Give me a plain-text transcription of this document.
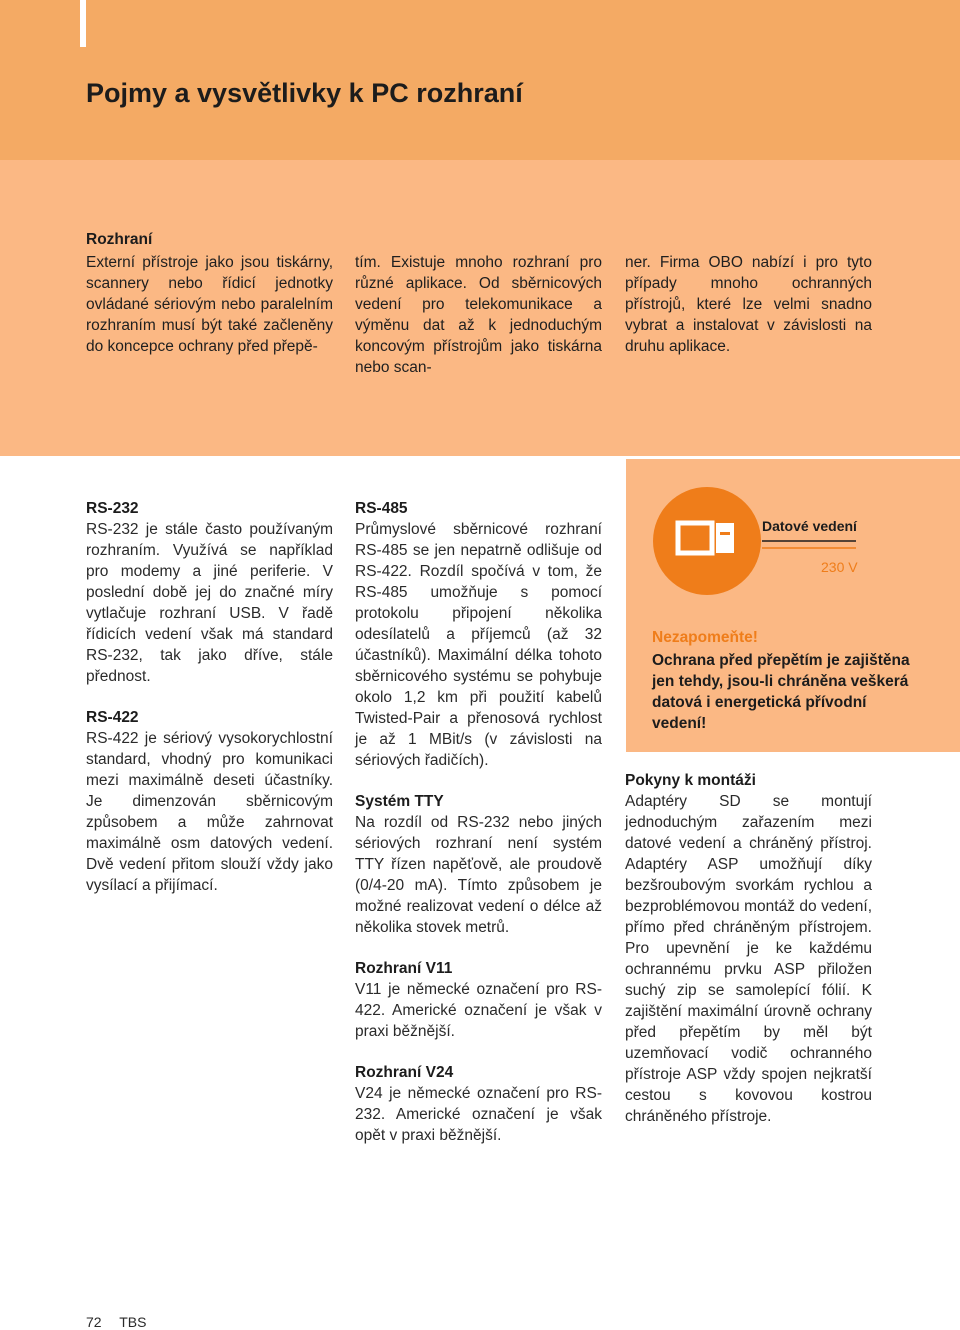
Pojmy a vysvětlivky k PC rozhraní
Rozhraní
Externí přístroje jako jsou tiskárny, scannery nebo řídicí jednotky ovládané sériovým nebo paralelním rozhraním musí být také začleněny do koncepce ochrany před přepě-
tím. Existuje mnoho rozhraní pro různé aplikace. Od sběrnicových vedení pro telekomunikace a výměnu dat až k jednoduchým koncovým přístrojům jako tiskárna nebo scan-
ner. Firma OBO nabízí i pro tyto případy mnoho ochranných přístrojů, které lze velmi snadno vybrat a instalovat v závislosti na druhu aplikace.
RS-232
RS-232 je stále často používaným rozhraním. Využívá se například pro modemy a jiné periferie. V poslední době jej do značné míry vytlačuje rozhraní USB. V řadě řídicích vedení však má standard RS-232, tak jako dříve, stále přednost.
RS-422
RS-422 je sériový vysokorychlostní standard, vhodný pro komunikaci mezi maximálně deseti účastníky. Je dimenzován sběrnicovým způsobem a může zahrnovat maximálně osm datových vedení. Dvě vedení přitom slouží vždy jako vysílací a přijímací.
RS-485
Průmyslové sběrnicové rozhraní RS-485 se jen nepatrně odlišuje od RS-422. Rozdíl spočívá v tom, že RS-485 umožňuje s pomocí protokolu připojení několika odesílatelů a příjemců (až 32 účastníků). Maximální délka tohoto sběrnicového systému se pohybuje okolo 1,2 km při použití kabelů Twisted-Pair a přenosová rychlost je až 1 MBit/s (v závislosti na sériových řadičích).
Systém TTY
Na rozdíl od RS-232 nebo jiných sériových rozhraní není systém TTY řízen napěťově, ale proudově (0/4-20 mA). Tímto způsobem je možné realizovat vedení o délce až několika stovek metrů.
Rozhraní V11
V11 je německé označení pro RS-422. Americké označení je však v praxi běžnější.
Rozhraní V24
V24 je německé označení pro RS-232. Americké označení je však opět v praxi běžnější.
Datové vedení
230 V
Nezapomeňte!
Ochrana před přepětím je zajištěna jen tehdy, jsou-li chráněna veškerá datová i energetická přívodní vedení!
Pokyny k montáži
Adaptéry SD se montují jednoduchým zařazením mezi datové vedení a chráněný přístroj. Adaptéry ASP umožňují díky bezšroubovým svorkám rychlou a bezproblémovou montáž do vedení, přímo před chráněným přístrojem. Pro upevnění je ke každému ochrannému prvku ASP přiložen suchý zip se samolepící fólií. K zajištění maximální úrovně ochrany před přepětím by měl být uzemňovací vodič ochranného přístroje ASP vždy spojen nejkratší cestou s kovovou kostrou chráněného přístroje.
72 TBS
